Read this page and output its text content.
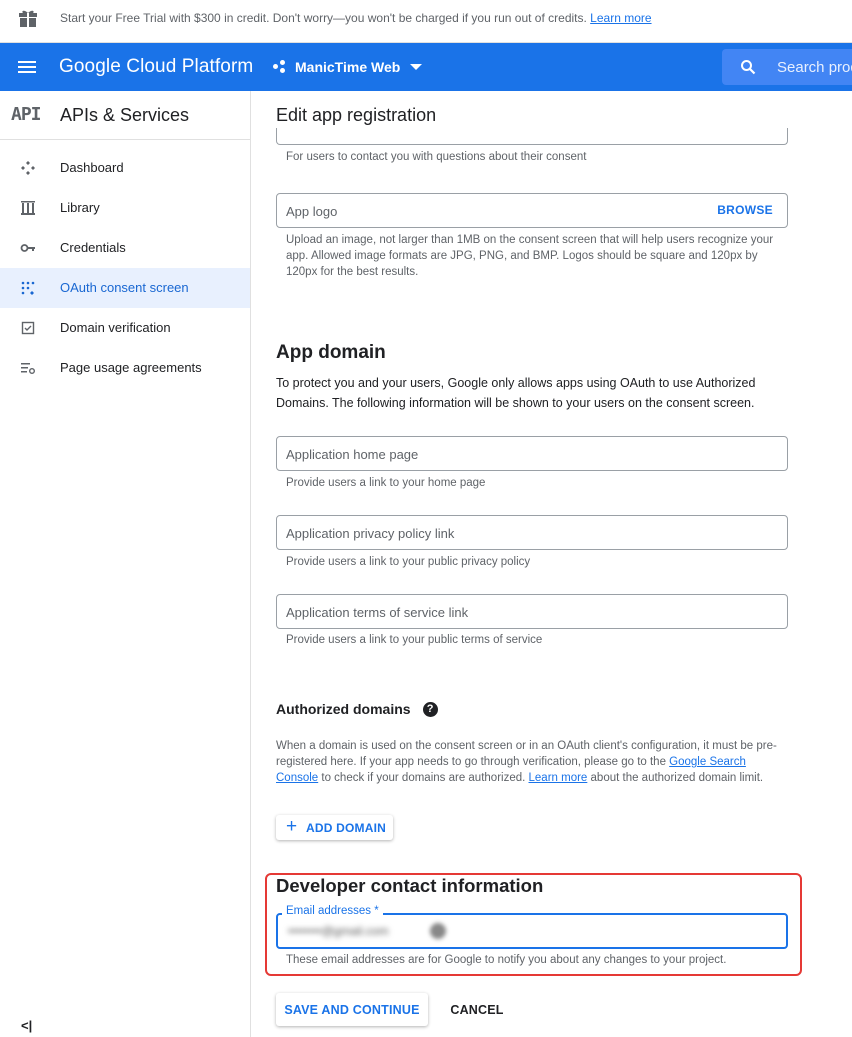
Start your Free Trial with $300 in credit. Don't worry—you won't be charged if you run out of credits. Learn more
Google Cloud Platform	ManicTime Web
Search products
API APIs & Services
Dashboard
Library
Credentials
OAuth consent screen
Domain verification
Page usage agreements
<|
Edit app registration
For users to contact you with questions about their consent
App logo
BROWSE
Upload an image, not larger than 1MB on the consent screen that will help users recognize your app. Allowed image formats are JPG, PNG, and BMP. Logos should be square and 120px by 120px for the best results.
App domain
To protect you and your users, Google only allows apps using OAuth to use Authorized Domains. The following information will be shown to your users on the consent screen.
Application home page
Provide users a link to your home page
Application privacy policy link
Provide users a link to your public privacy policy
Application terms of service link
Provide users a link to your public terms of service
Authorized domains	?
When a domain is used on the consent screen or in an OAuth client's configuration, it must be pre-registered here. If your app needs to go through verification, please go to the Google Search Console to check if your domains are authorized. Learn more about the authorized domain limit.
+ ADD DOMAIN
Developer contact information
••••••••@gmail.com
Email addresses *
These email addresses are for Google to notify you about any changes to your project.
SAVE AND CONTINUE	CANCEL
